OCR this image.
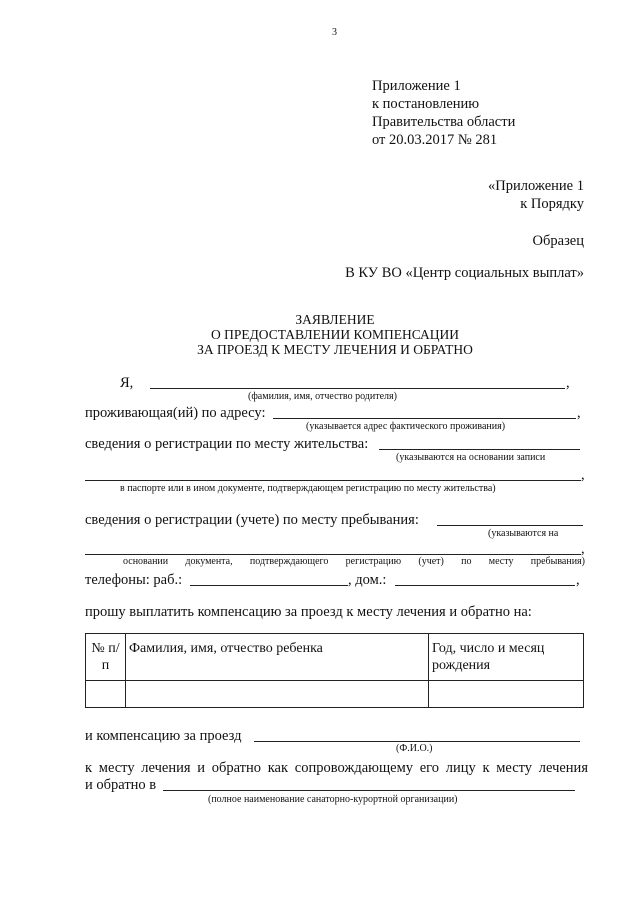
3
Приложение 1
к постановлению
Правительства области
от 20.03.2017 № 281
«Приложение 1
к Порядку
Образец
В КУ ВО «Центр социальных выплат»
ЗАЯВЛЕНИЕ
О ПРЕДОСТАВЛЕНИИ КОМПЕНСАЦИИ
ЗА ПРОЕЗД К МЕСТУ ЛЕЧЕНИЯ И ОБРАТНО
Я,	,
(фамилия, имя, отчество родителя)
проживающая(ий) по адресу:	,
(указывается адрес фактического проживания)
сведения о регистрации по месту жительства:
(указываются на основании записи
,
в паспорте или в ином документе, подтверждающем регистрацию по месту жительства)
сведения о регистрации (учете) по месту пребывания:
(указываются на
,
основании документа, подтверждающего регистрацию (учет) по месту пребывания)
телефоны: раб.:	, дом.:	,
прошу выплатить компенсацию за проезд к месту лечения и обратно на:
№ п/п	Фамилия, имя, отчество ребенка	Год, число и месяц рождения

и компенсацию за проезд
(Ф.И.О.)
к месту лечения и обратно как сопровождающему его лицу к месту лечения
и обратно в
(полное наименование санаторно-курортной организации)
